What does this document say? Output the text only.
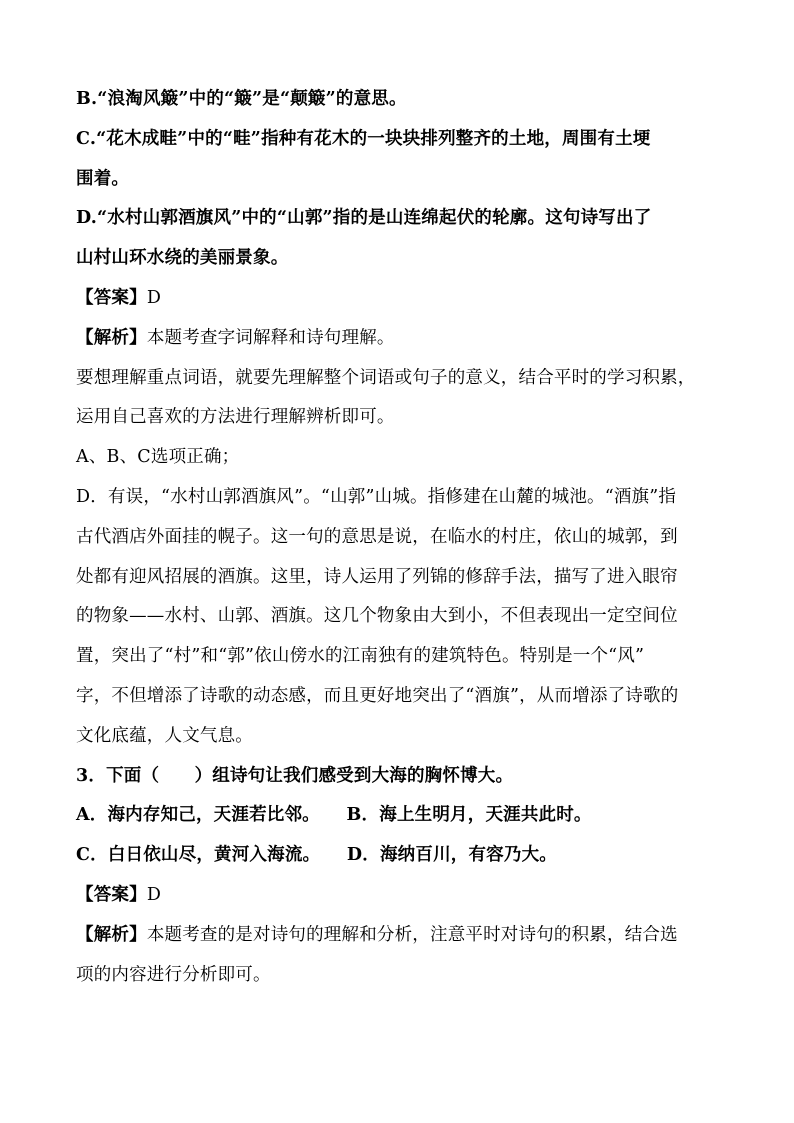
B.“浪淘风簸”中的“簸”是“颠簸”的意思。
C.“花木成畦”中的“畦”指种有花木的一块块排列整齐的土地，周围有土埂
围着。
D.“水村山郭酒旗风”中的“山郭”指的是山连绵起伏的轮廓。这句诗写出了
山村山环水绕的美丽景象。
【答案】D
【解析】本题考查字词解释和诗句理解。
要想理解重点词语，就要先理解整个词语或句子的意义，结合平时的学习积累，
运用自己喜欢的方法进行理解辨析即可。
A、B、C选项正确；
D．有误，“水村山郭酒旗风”。“山郭”山城。指修建在山麓的城池。“酒旗”指
古代酒店外面挂的幌子。这一句的意思是说，在临水的村庄，依山的城郭，到
处都有迎风招展的酒旗。这里，诗人运用了列锦的修辞手法，描写了进入眼帘
的物象——水村、山郭、酒旗。这几个物象由大到小，不但表现出一定空间位
置，突出了“村”和“郭”依山傍水的江南独有的建筑特色。特别是一个“风”
字，不但增添了诗歌的动态感，而且更好地突出了“酒旗”，从而增添了诗歌的
文化底蕴，人文气息。
3．下面（　　）组诗句让我们感受到大海的胸怀博大。
A．海内存知己，天涯若比邻。　　 B．海上生明月，天涯共此时。
C．白日依山尽，黄河入海流。　　 D．海纳百川，有容乃大。
【答案】D
【解析】本题考查的是对诗句的理解和分析，注意平时对诗句的积累，结合选
项的内容进行分析即可。
